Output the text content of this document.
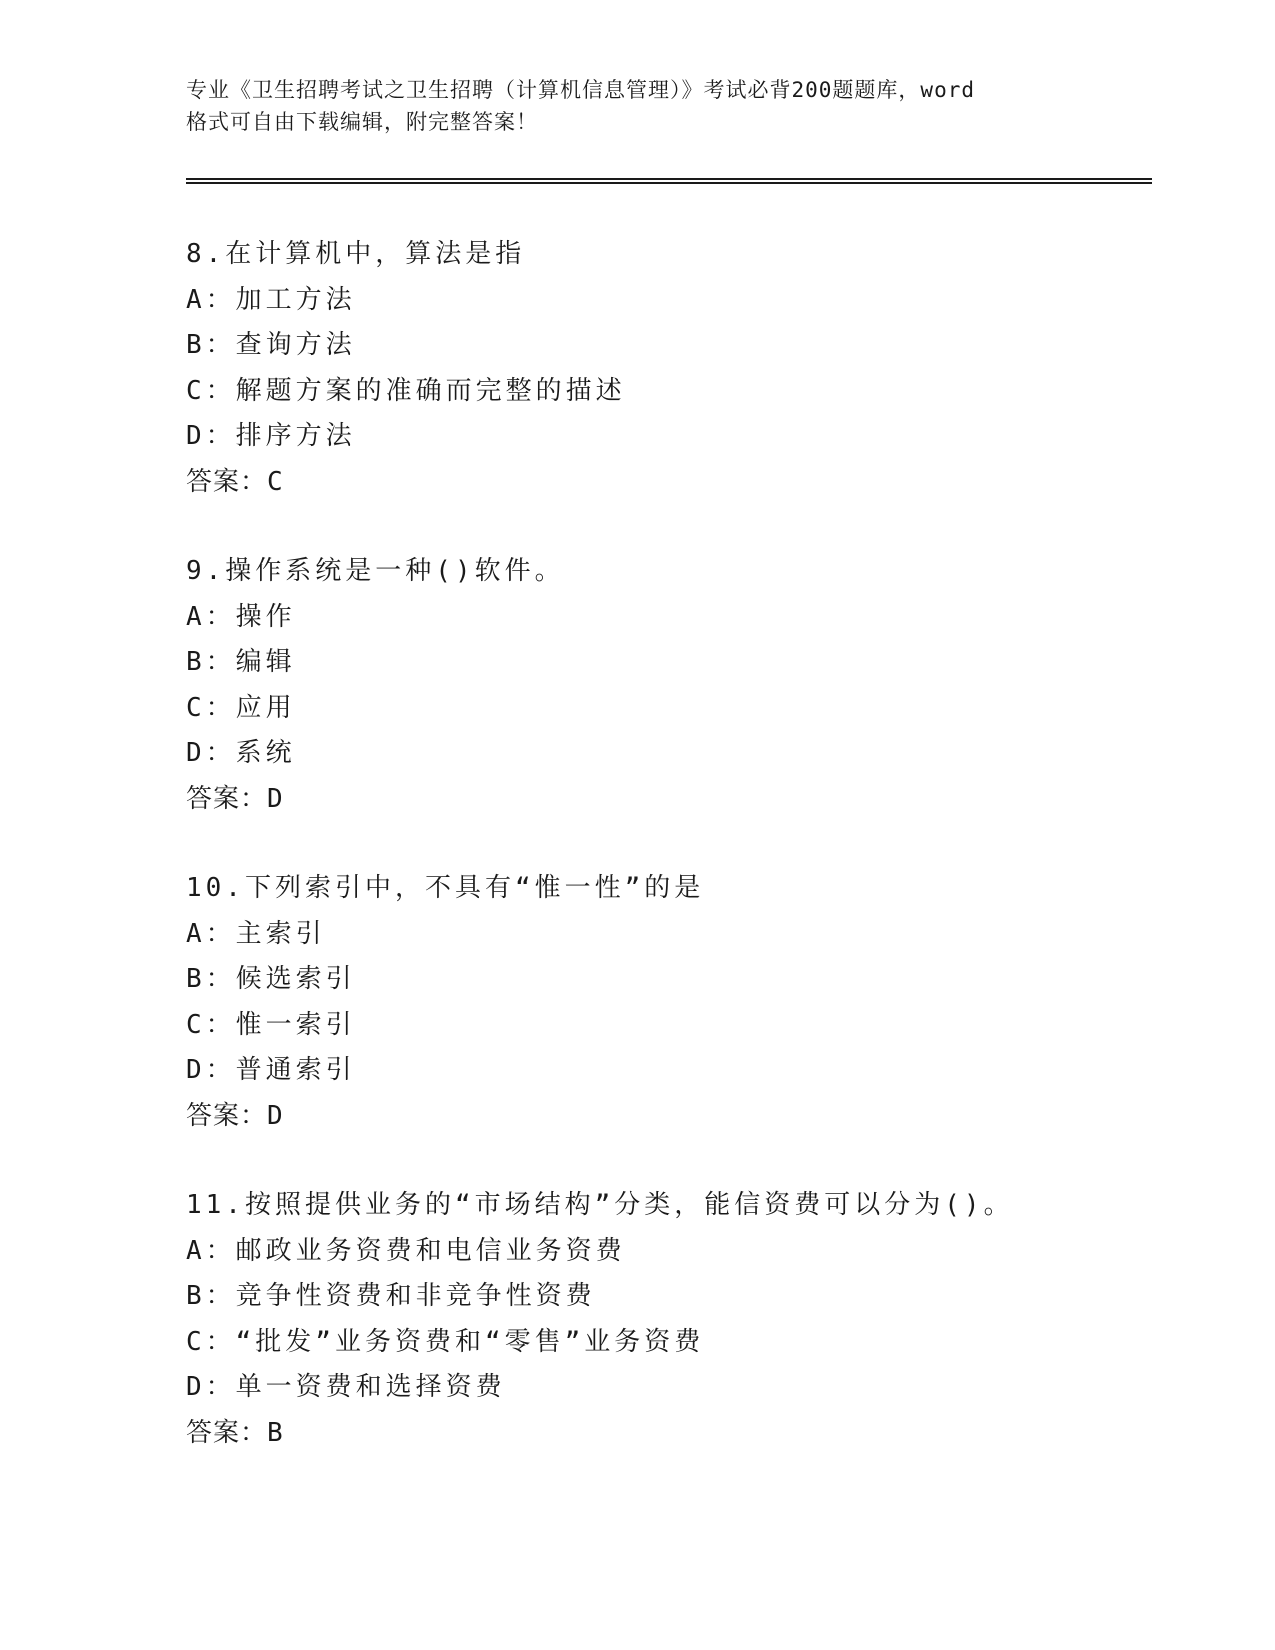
专业《卫生招聘考试之卫生招聘（计算机信息管理）》考试必背200题题库，word
格式可自由下载编辑，附完整答案！
8.在计算机中，算法是指
A：加工方法
B：查询方法
C：解题方案的准确而完整的描述
D：排序方法
答案：C
9.操作系统是一种()软件。
A：操作
B：编辑
C：应用
D：系统
答案：D
10.下列索引中，不具有“惟一性”的是
A：主索引
B：候选索引
C：惟一索引
D：普通索引
答案：D
11.按照提供业务的“市场结构”分类，能信资费可以分为()。
A：邮政业务资费和电信业务资费
B：竞争性资费和非竞争性资费
C：“批发”业务资费和“零售”业务资费
D：单一资费和选择资费
答案：B
